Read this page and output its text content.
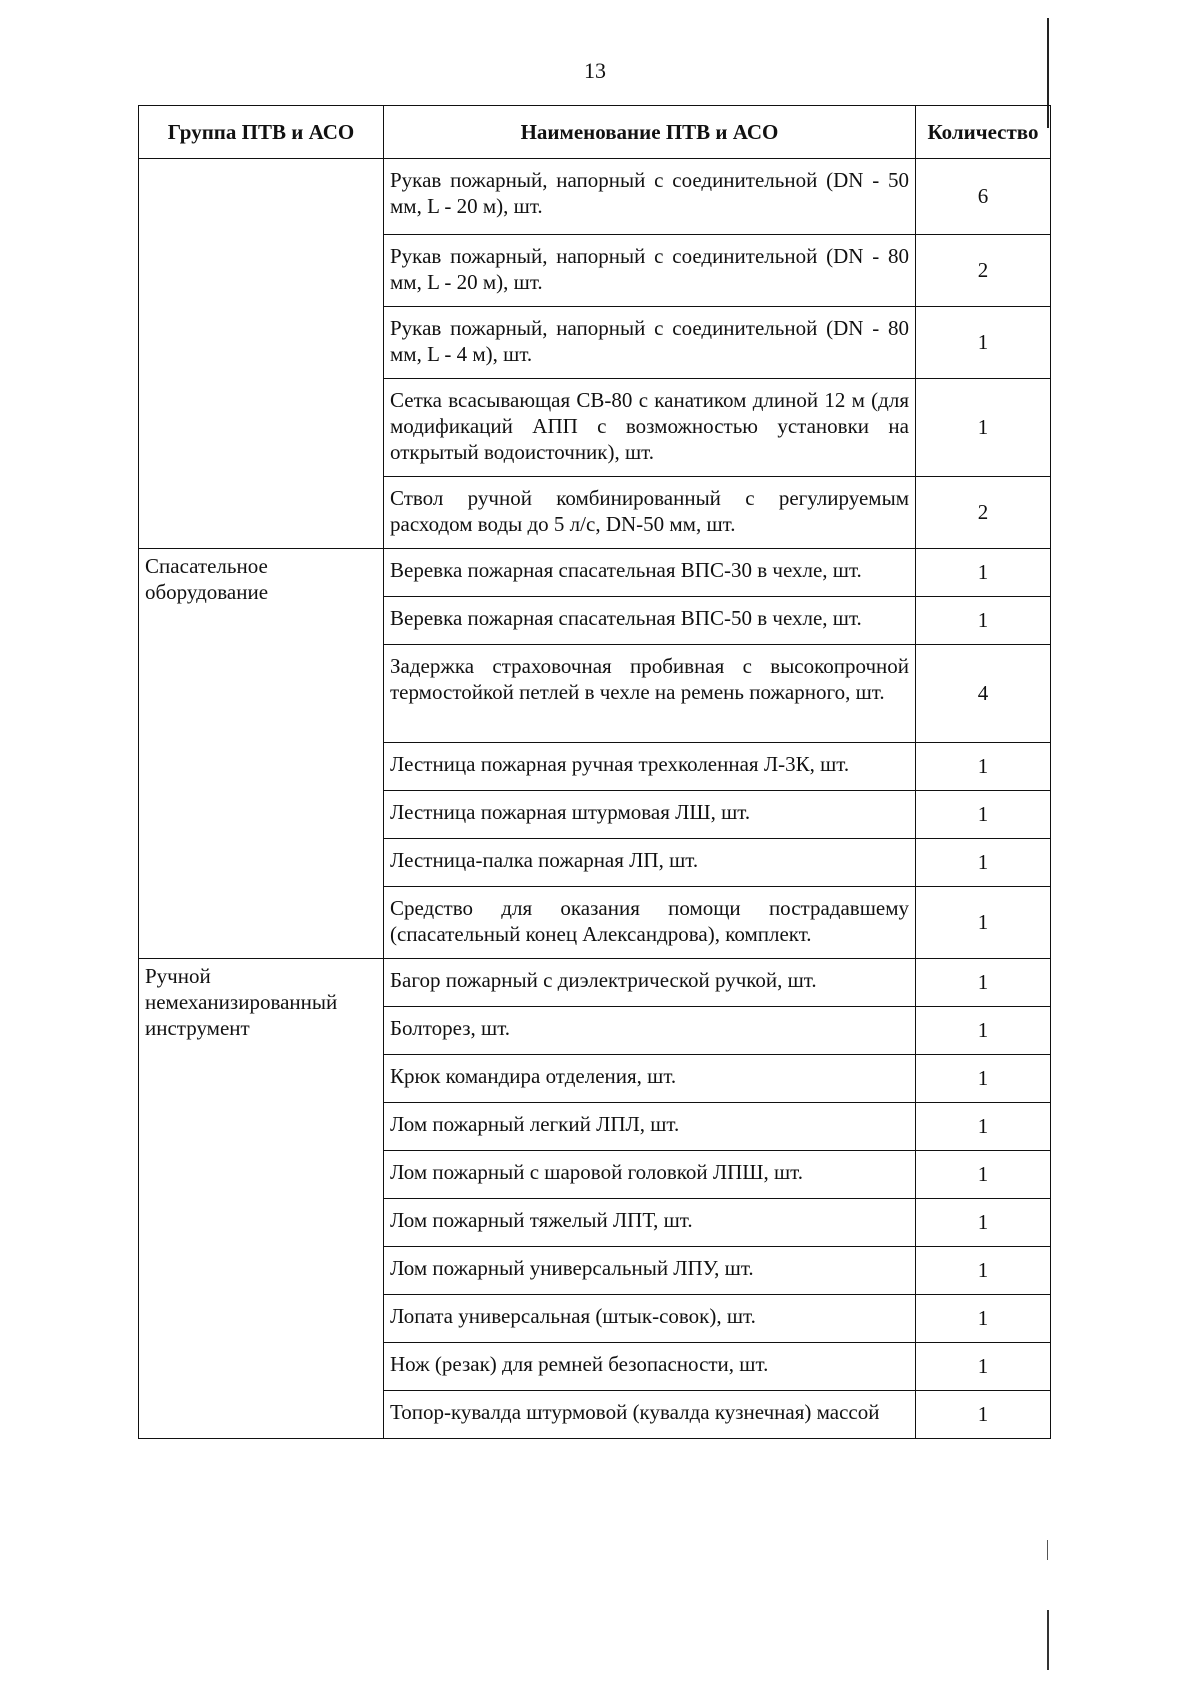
13
Группа ПТВ и АСО	Наименование ПТВ и АСО	Количество
	Рукав пожарный, напорный с соединительной (DN - 50 мм, L - 20 м), шт.	6
	Рукав пожарный, напорный с соединительной (DN - 80 мм, L - 20 м), шт.	2
	Рукав пожарный, напорный с соединительной (DN - 80 мм, L - 4 м), шт.	1
	Сетка всасывающая СВ-80 с канатиком длиной 12 м (для модификаций АПП с возможностью установки на открытый водоисточник), шт.	1
	Ствол ручной комбинированный с регулируемым расходом воды до 5 л/с, DN-50 мм, шт.	2
Спасательное оборудование	Веревка пожарная спасательная ВПС-30 в чехле, шт.	1
	Веревка пожарная спасательная ВПС-50 в чехле, шт.	1
	Задержка страховочная пробивная с высокопрочной термостойкой петлей в чехле на ремень пожарного, шт.	4
	Лестница пожарная ручная трехколенная Л-3К, шт.	1
	Лестница пожарная штурмовая ЛШ, шт.	1
	Лестница-палка пожарная ЛП, шт.	1
	Средство для оказания помощи пострадавшему (спасательный конец Александрова), комплект.	1
Ручной немеханизированный инструмент	Багор пожарный с диэлектрической ручкой, шт.	1
	Болторез, шт.	1
	Крюк командира отделения, шт.	1
	Лом пожарный легкий ЛПЛ, шт.	1
	Лом пожарный с шаровой головкой ЛПШ, шт.	1
	Лом пожарный тяжелый ЛПТ, шт.	1
	Лом пожарный универсальный ЛПУ, шт.	1
	Лопата универсальная (штык-совок), шт.	1
	Нож (резак) для ремней безопасности, шт.	1
	Топор-кувалда штурмовой (кувалда кузнечная) массой	1
